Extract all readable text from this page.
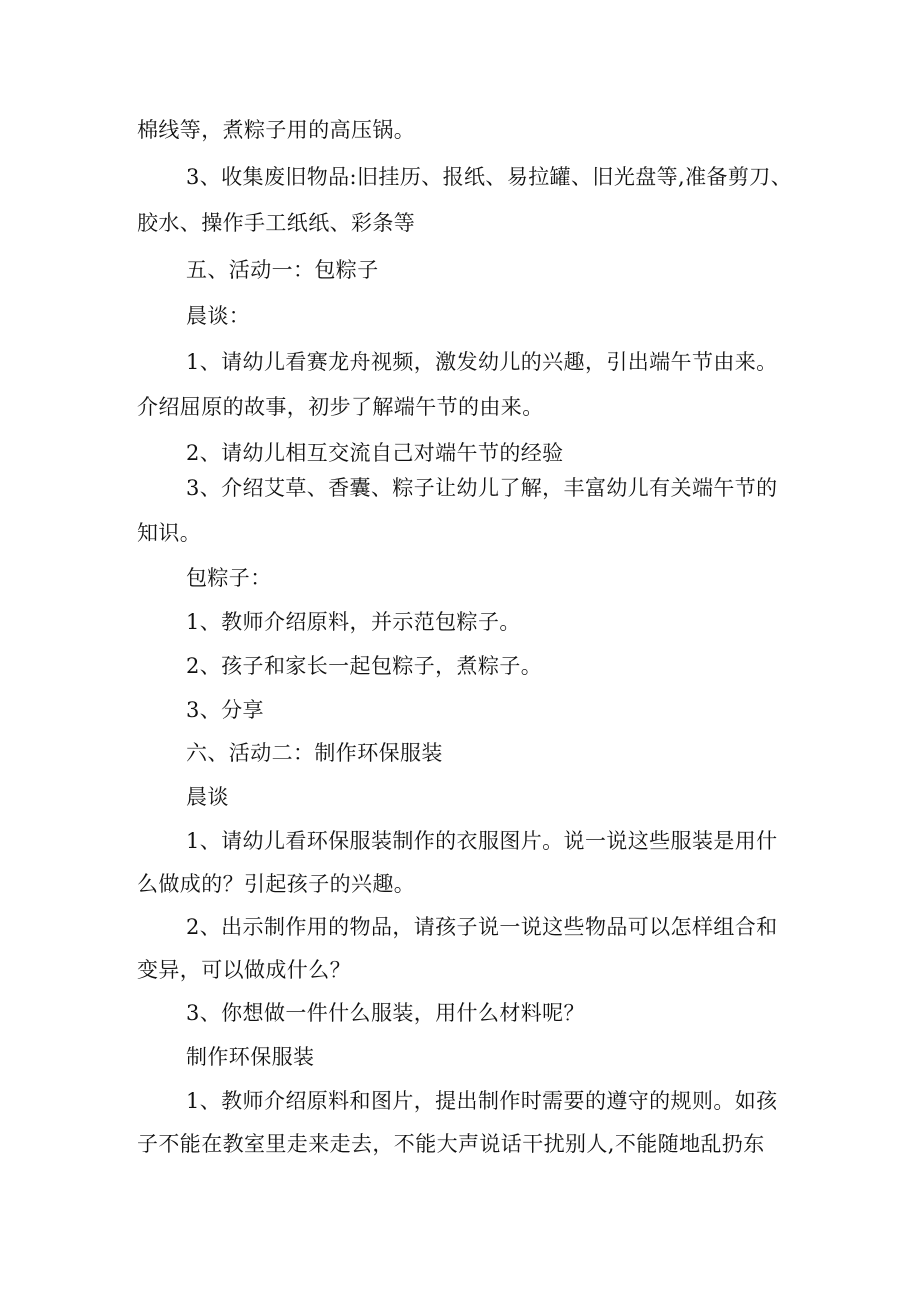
棉线等，煮粽子用的高压锅。
3、收集废旧物品:旧挂历、报纸、易拉罐、旧光盘等,准备剪刀、
胶水、操作手工纸纸、彩条等
五、活动一：包粽子
晨谈：
1、请幼儿看赛龙舟视频，激发幼儿的兴趣，引出端午节由来。
介绍屈原的故事，初步了解端午节的由来。
2、请幼儿相互交流自己对端午节的经验
3、介绍艾草、香囊、粽子让幼儿了解，丰富幼儿有关端午节的
知识。
包粽子：
1、教师介绍原料，并示范包粽子。
2、孩子和家长一起包粽子，煮粽子。
3、分享
六、活动二：制作环保服装
晨谈
1、请幼儿看环保服装制作的衣服图片。说一说这些服装是用什
么做成的？引起孩子的兴趣。
2、出示制作用的物品，请孩子说一说这些物品可以怎样组合和
变异，可以做成什么？
3、你想做一件什么服装，用什么材料呢？
制作环保服装
1、教师介绍原料和图片，提出制作时需要的遵守的规则。如孩
子不能在教室里走来走去，不能大声说话干扰别人,不能随地乱扔东
